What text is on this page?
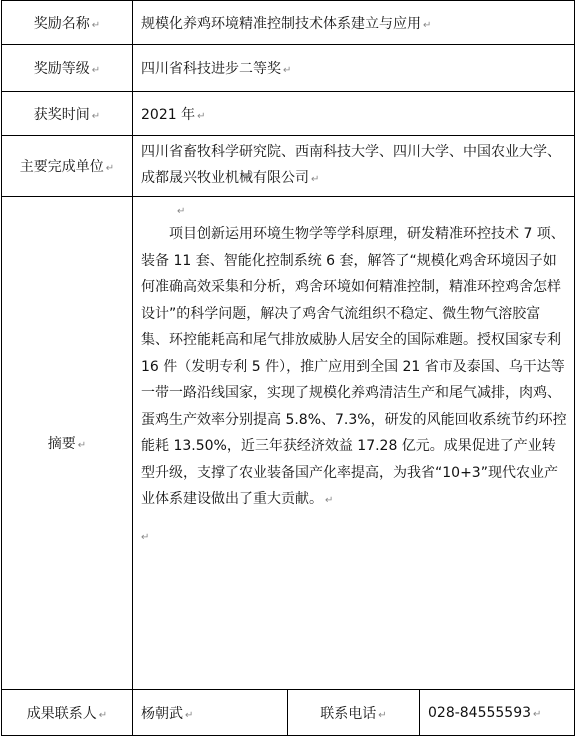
奖励名称 ↵	规模化养鸡环境精准控制技术体系建立与应用 ↵		
奖励等级 ↵	四川省科技进步二等奖 ↵		
获奖时间 ↵	2021 年 ↵		
主要完成单位 ↵	四川省畜牧科学研究院、西南科技大学、四川大学、中国农业大学、成都晟兴牧业机械有限公司 ↵		
摘要 ↵	↵

项目创新运用环境生物学等学科原理，研发精准环控技术 7 项、装备 11 套、智能化控制系统 6 套，解答了“规模化鸡舍环境因子如何准确高效采集和分析，鸡舍环境如何精准控制，精准环控鸡舍怎样设计”的科学问题，解决了鸡舍气流组织不稳定、微生物气溶胶富集、环控能耗高和尾气排放威胁人居安全的国际难题。授权国家专利 16 件（发明专利 5 件），推广应用到全国 21 省市及泰国、乌干达等一带一路沿线国家，实现了规模化养鸡清洁生产和尾气减排，肉鸡、蛋鸡生产效率分别提高 5.8%、7.3%，研发的风能回收系统节约环控能耗 13.50%，近三年获经济效益 17.28 亿元。成果促进了产业转型升级，支撑了农业装备国产化率提高，为我省“10+3”现代农业产业体系建设做出了重大贡献。 ↵

↵		

成果联系人 ↵	杨朝武 ↵	联系电话 ↵	028-84555593 ↵
